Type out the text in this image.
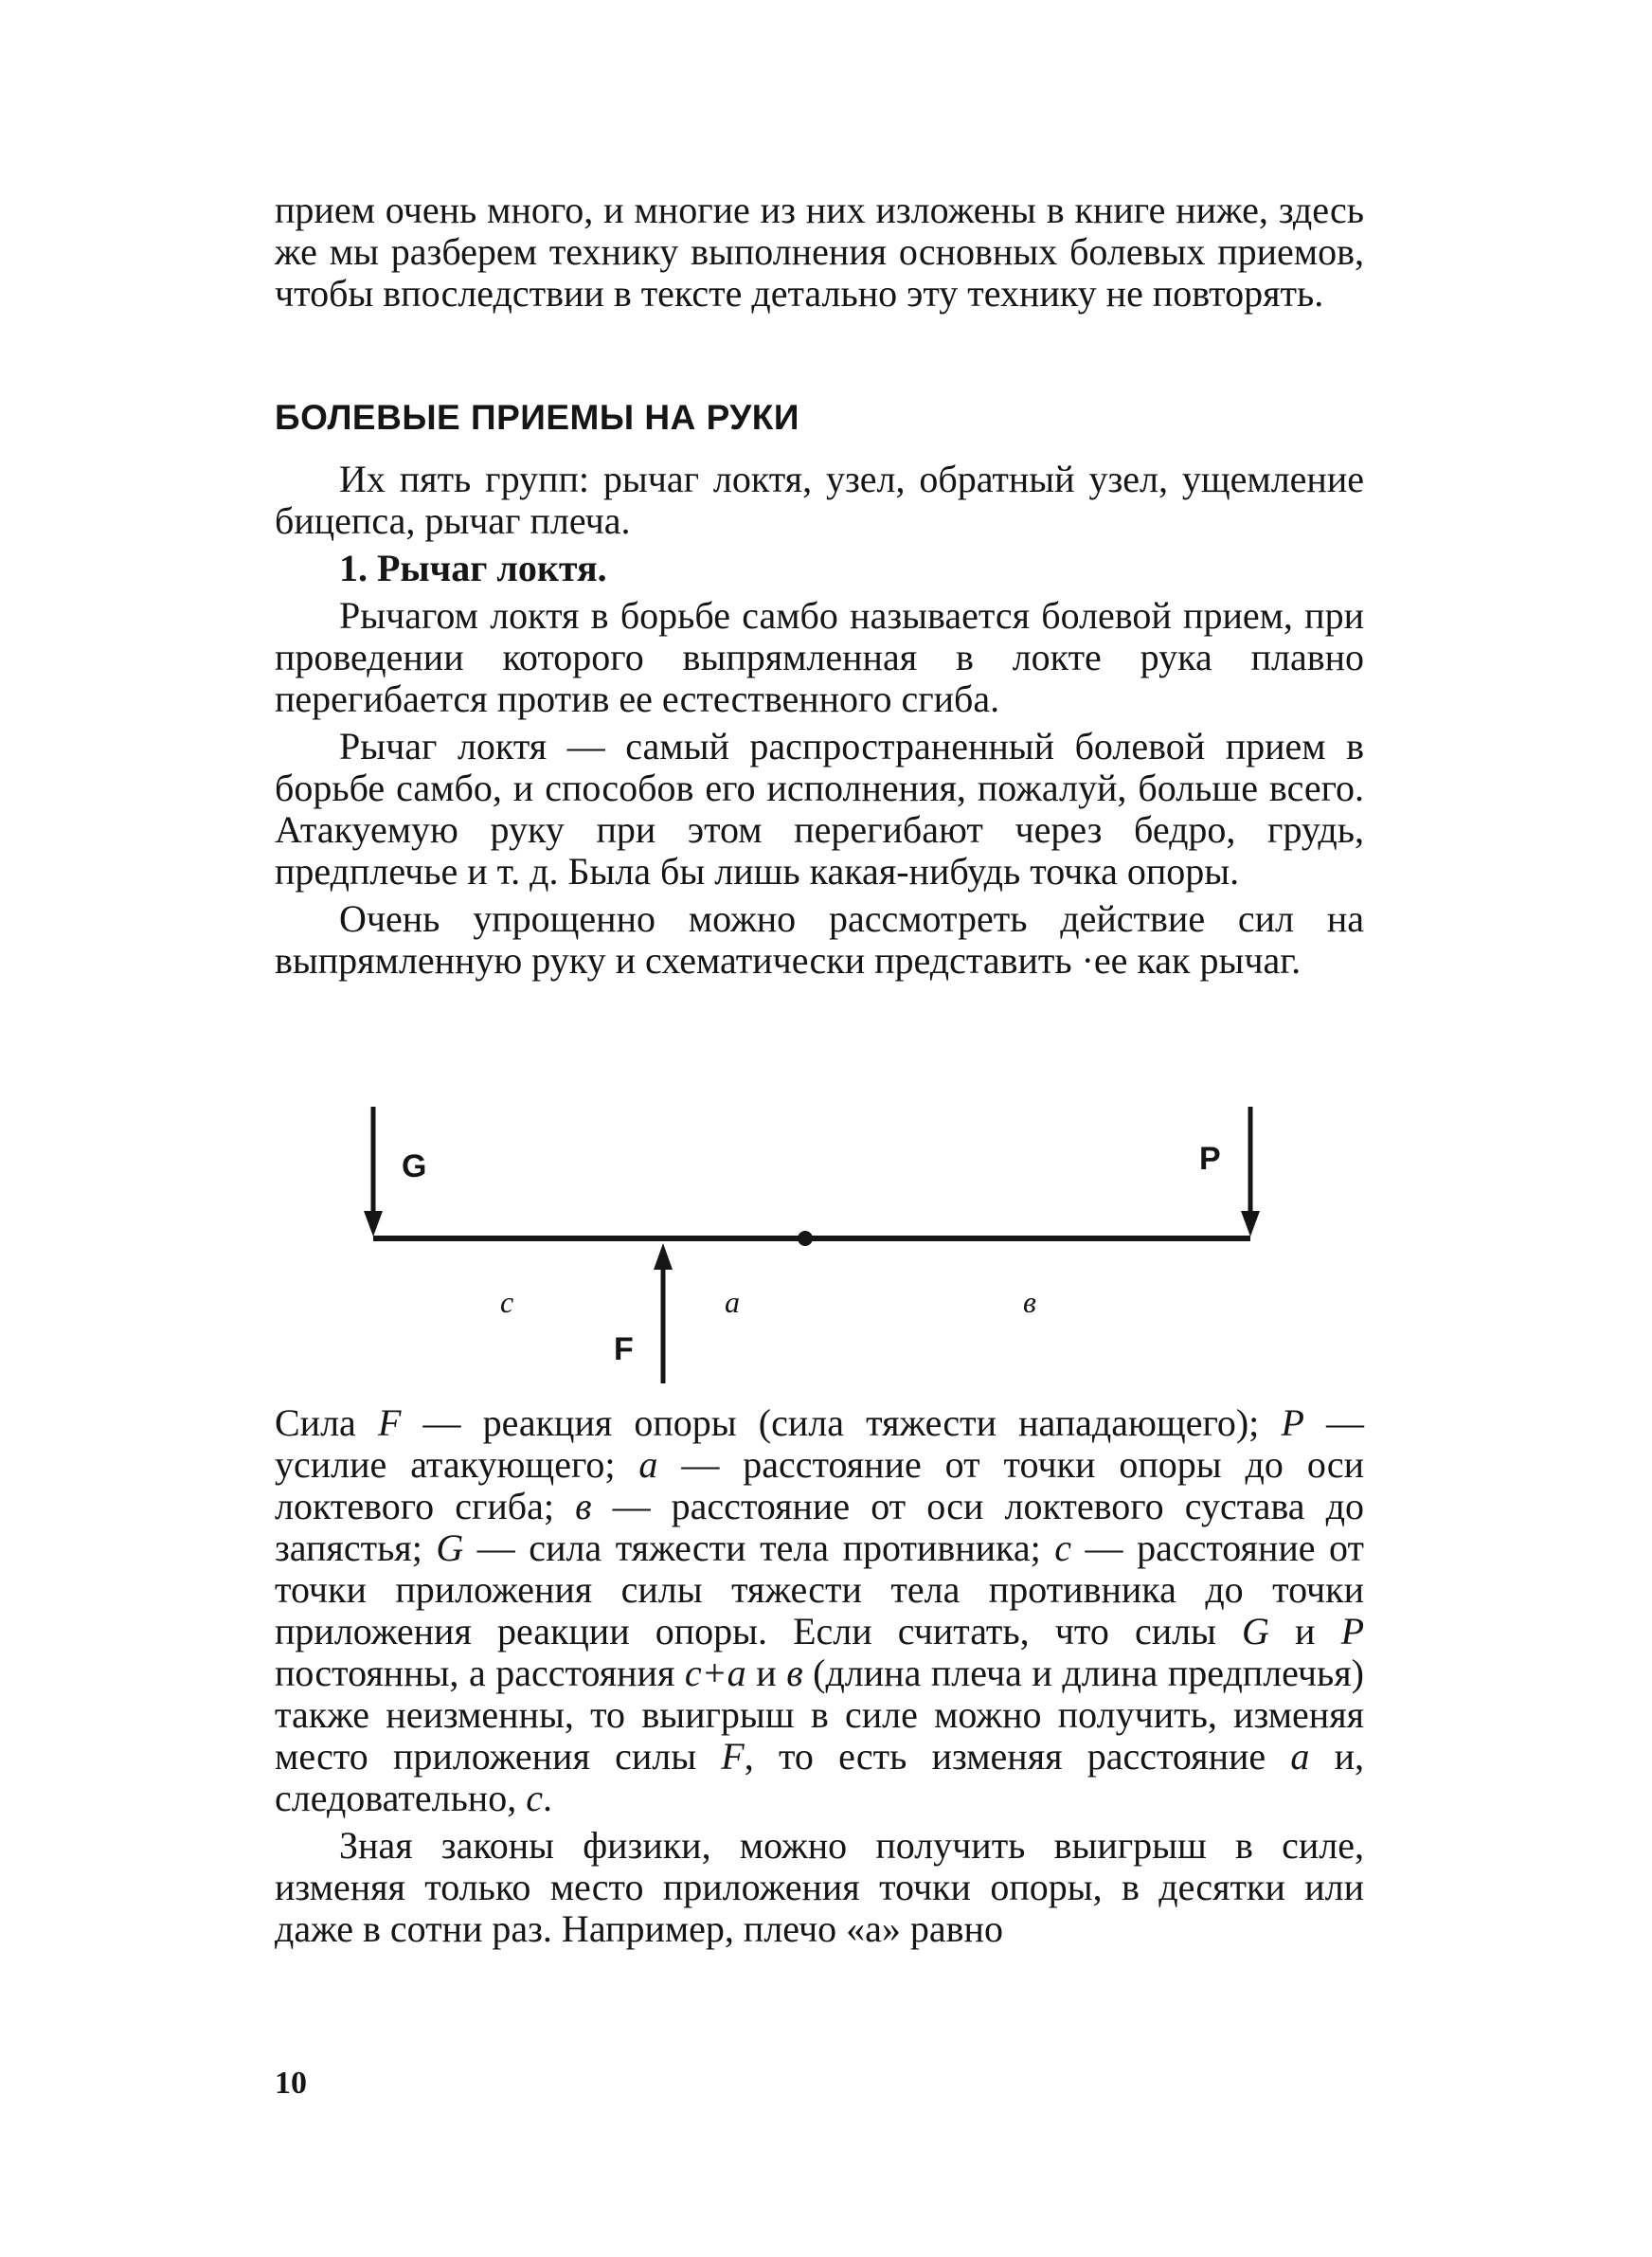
прием очень много, и многие из них изложены в книге ниже, здесь же мы разберем технику выполнения основных болевых приемов, чтобы впоследствии в тексте детально эту технику не повторять.

БОЛЕВЫЕ ПРИЕМЫ НА РУКИ

Их пять групп: рычаг локтя, узел, обратный узел, ущемление бицепса, рычаг плеча.

1. Рычаг локтя.

Рычагом локтя в борьбе самбо называется болевой прием, при проведении которого выпрямленная в локте рука плавно перегибается против ее естественного сгиба.

Рычаг локтя — самый распространенный болевой прием в борьбе самбо, и способов его исполнения, пожалуй, больше всего. Атакуемую руку при этом перегибают через бедро, грудь, предплечье и т. д. Была бы лишь какая-нибудь точка опоры.

Очень упрощенно можно рассмотреть действие сил на выпрямленную руку и схематически представить ·ее как рычаг.

G	P
F
c	a	в

Сила F — реакция опоры (сила тяжести нападающего); P — усилие атакующего; a — расстояние от точки опоры до оси локтевого сгиба; в — расстояние от оси локтевого сустава до запястья; G — сила тяжести тела противника; c — расстояние от точки приложения силы тяжести тела противника до точки приложения реакции опоры. Если считать, что силы G и P постоянны, а расстояния c+a и в (длина плеча и длина предплечья) также неизменны, то выигрыш в силе можно получить, изменяя место приложения силы F, то есть изменяя расстояние a и, следовательно, c.

Зная законы физики, можно получить выигрыш в силе, изменяя только место приложения точки опоры, в десятки или даже в сотни раз. Например, плечо «a» равно

10
